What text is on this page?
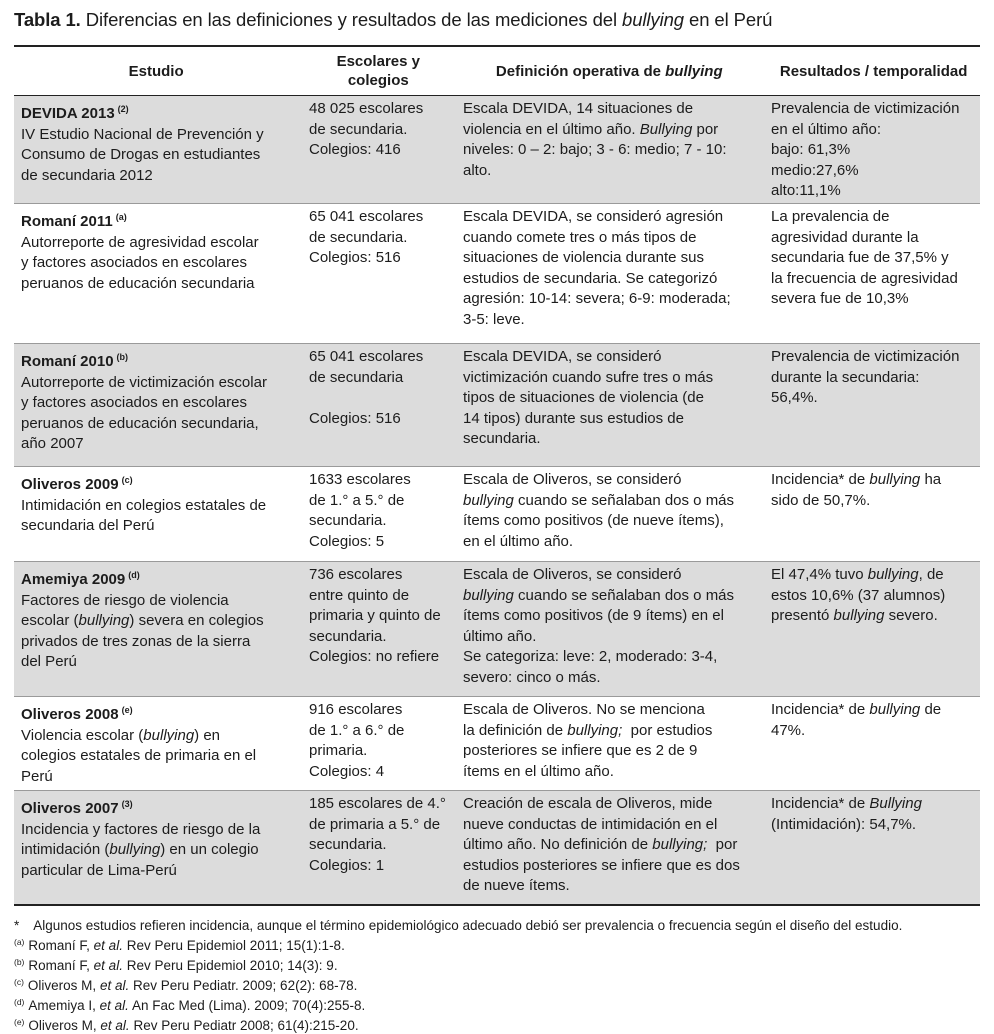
Tabla 1. Diferencias en las definiciones y resultados de las mediciones del bullying en el Perú
Estudio
Escolares y
colegios
Definición operativa de bullying	Resultados / temporalidad
DEVIDA 2013 $^{(2)}$
IV Estudio Nacional de Prevención y
Consumo de Drogas en estudiantes
de secundaria 2012
48 025 escolares
de secundaria.
Colegios: 416
Escala DEVIDA, 14 situaciones de
violencia en el último año. Bullying por
niveles: 0 – 2: bajo; 3 - 6: medio; 7 - 10:
alto.
Prevalencia de victimización
en el último año:
bajo: 61,3%
medio:27,6%
alto:11,1%
Romaní 2011 $^{(a)}$
Autorreporte de agresividad escolar
y factores asociados en escolares
peruanos de educación secundaria
65 041 escolares
de secundaria.
Colegios: 516
Escala DEVIDA, se consideró agresión
cuando comete tres o más tipos de
situaciones de violencia durante sus
estudios de secundaria. Se categorizó
agresión: 10-14: severa; 6-9: moderada;
3-5: leve.
La prevalencia de
agresividad durante la
secundaria fue de 37,5% y
la frecuencia de agresividad
severa fue de 10,3%
Romaní 2010 $^{(b)}$
Autorreporte de victimización escolar
y factores asociados en escolares
peruanos de educación secundaria,
año 2007
65 041 escolares
de secundaria
Colegios: 516
Escala DEVIDA, se consideró
victimización cuando sufre tres o más
tipos de situaciones de violencia (de
14 tipos) durante sus estudios de
secundaria.
Prevalencia de victimización
durante la secundaria:
56,4%.
Oliveros 2009 $^{(c)}$
Intimidación en colegios estatales de
secundaria del Perú
1633 escolares
de 1.° a 5.° de
secundaria.
Colegios: 5
Escala de Oliveros, se consideró
bullying cuando se señalaban dos o más
ítems como positivos (de nueve ítems),
en el último año.
Incidencia* de bullying ha
sido de 50,7%.
Amemiya 2009 $^{(d)}$
Factores de riesgo de violencia
escolar (bullying) severa en colegios
privados de tres zonas de la sierra
del Perú
736 escolares
entre quinto de
primaria y quinto de
secundaria.
Colegios: no refiere
Escala de Oliveros, se consideró
bullying cuando se señalaban dos o más
ítems como positivos (de 9 ítems) en el
último año.
Se categoriza: leve: 2, moderado: 3-4,
severo: cinco o más.
El 47,4% tuvo bullying, de
estos 10,6% (37 alumnos)
presentó bullying severo.
Oliveros 2008 $^{(e)}$
Violencia escolar (bullying) en
colegios estatales de primaria en el
Perú
916 escolares
de 1.° a 6.° de
primaria.
Colegios: 4
Escala de Oliveros. No se menciona
la definición de bullying;  por estudios
posteriores se infiere que es 2 de 9
ítems en el último año.
Incidencia* de bullying de
47%.
Oliveros 2007 $^{(3)}$
Incidencia y factores de riesgo de la
intimidación (bullying) en un colegio
particular de Lima-Perú
185 escolares de 4.°
de primaria a 5.° de
secundaria.
Colegios: 1
Creación de escala de Oliveros, mide
nueve conductas de intimidación en el
último año. No definición de bullying;  por
estudios posteriores se infiere que es dos
de nueve ítems.
Incidencia* de Bullying
(Intimidación): 54,7%.
* Algunos estudios refieren incidencia, aunque el término epidemiológico adecuado debió ser prevalencia o frecuencia según el diseño del estudio.
$^{(a)}$ Romaní F, et al. Rev Peru Epidemiol 2011; 15(1):1-8.
$^{(b)}$ Romaní F, et al. Rev Peru Epidemiol 2010; 14(3): 9.
$^{(c)}$ Oliveros M, et al. Rev Peru Pediatr. 2009; 62(2): 68-78.
$^{(d)}$ Amemiya I, et al. An Fac Med (Lima). 2009; 70(4):255-8.
$^{(e)}$ Oliveros M, et al. Rev Peru Pediatr 2008; 61(4):215-20.
